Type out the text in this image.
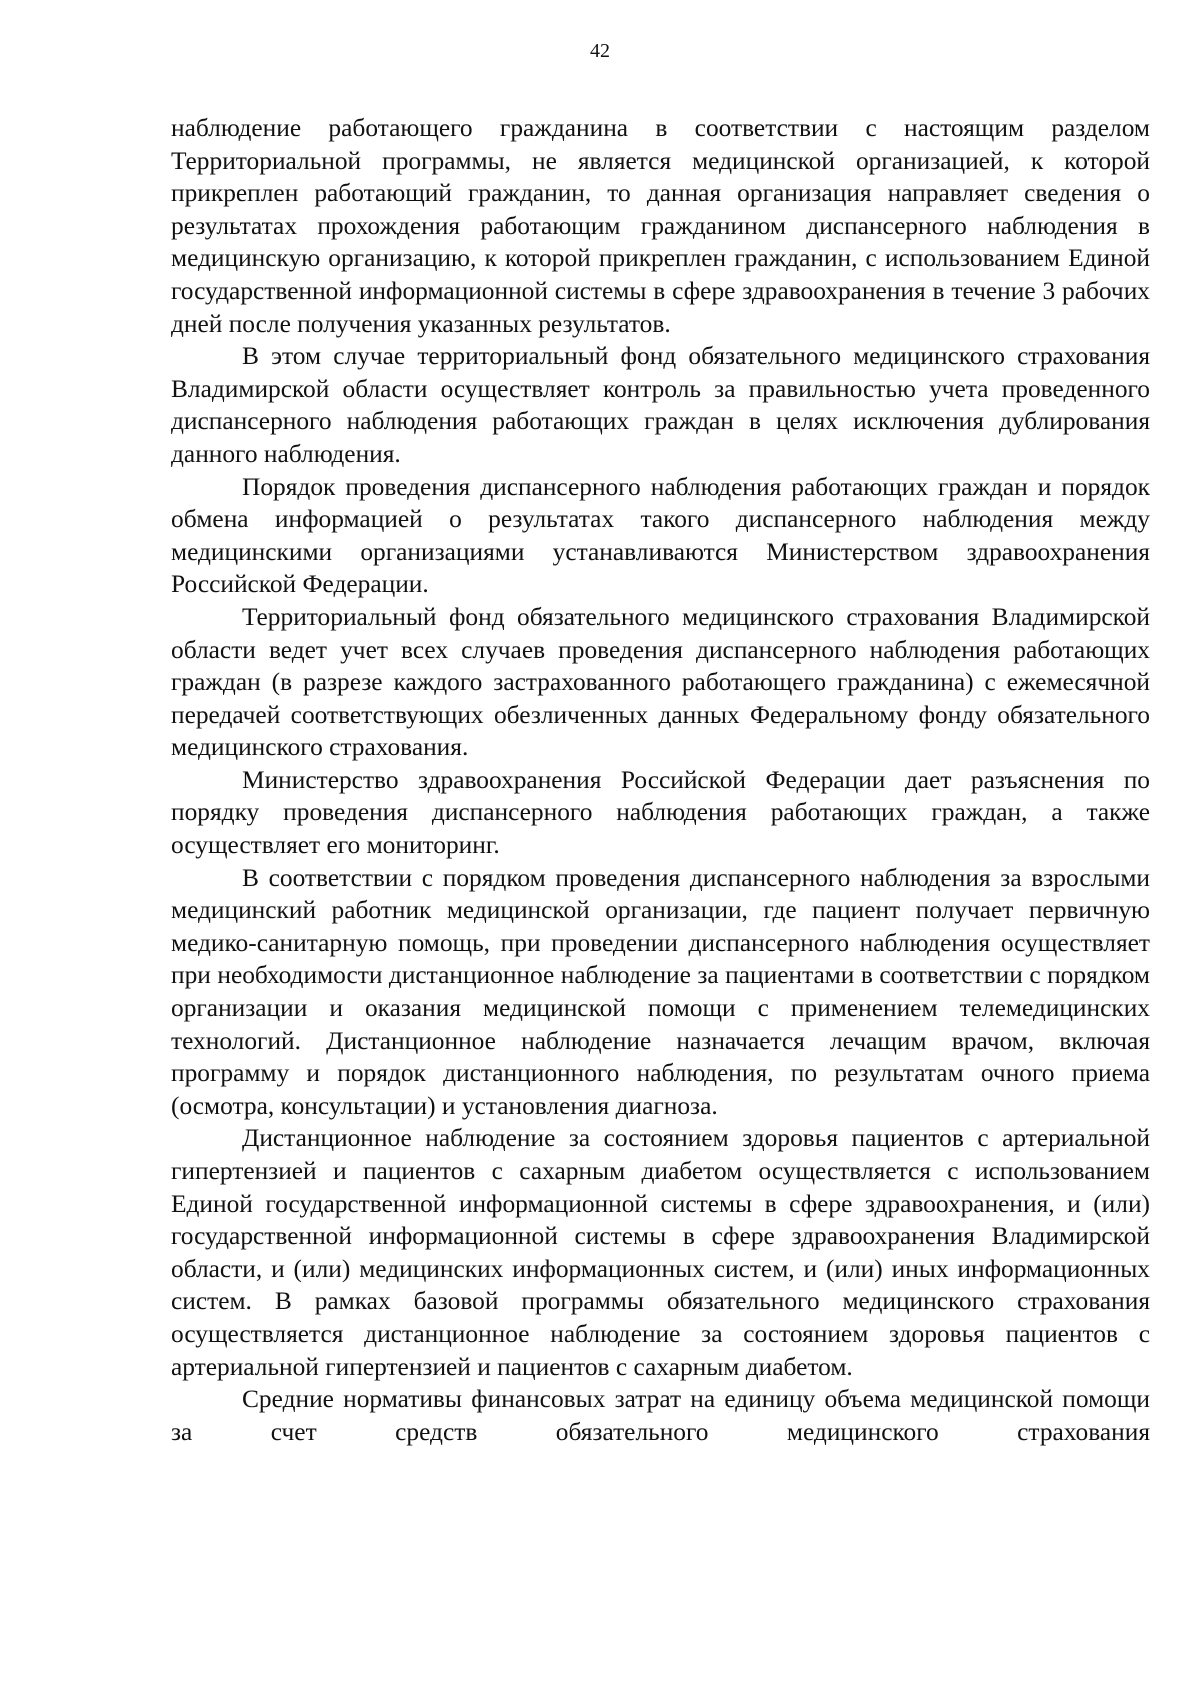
42

наблюдение работающего гражданина в соответствии с настоящим разделом Территориальной программы, не является медицинской организацией, к которой прикреплен работающий гражданин, то данная организация направляет сведения о результатах прохождения работающим гражданином диспансерного наблюдения в медицинскую организацию, к которой прикреплен гражданин, с использованием Единой государственной информационной системы в сфере здравоохранения в течение 3 рабочих дней после получения указанных результатов.

В этом случае территориальный фонд обязательного медицинского страхования Владимирской области осуществляет контроль за правильностью учета проведенного диспансерного наблюдения работающих граждан в целях исключения дублирования данного наблюдения.

Порядок проведения диспансерного наблюдения работающих граждан и порядок обмена информацией о результатах такого диспансерного наблюдения между медицинскими организациями устанавливаются Министерством здравоохранения Российской Федерации.

Территориальный фонд обязательного медицинского страхования Владимирской области ведет учет всех случаев проведения диспансерного наблюдения работающих граждан (в разрезе каждого застрахованного работающего гражданина) с ежемесячной передачей соответствующих обезличенных данных Федеральному фонду обязательного медицинского страхования.

Министерство здравоохранения Российской Федерации дает разъяснения по порядку проведения диспансерного наблюдения работающих граждан, а также осуществляет его мониторинг.

В соответствии с порядком проведения диспансерного наблюдения за взрослыми медицинский работник медицинской организации, где пациент получает первичную медико-санитарную помощь, при проведении диспансерного наблюдения осуществляет при необходимости дистанционное наблюдение за пациентами в соответствии с порядком организации и оказания медицинской помощи с применением телемедицинских технологий. Дистанционное наблюдение назначается лечащим врачом, включая программу и порядок дистанционного наблюдения, по результатам очного приема (осмотра, консультации) и установления диагноза.

Дистанционное наблюдение за состоянием здоровья пациентов с артериальной гипертензией и пациентов с сахарным диабетом осуществляется с использованием Единой государственной информационной системы в сфере здравоохранения, и (или) государственной информационной системы в сфере здравоохранения Владимирской области, и (или) медицинских информационных систем, и (или) иных информационных систем. В рамках базовой программы обязательного медицинского страхования осуществляется дистанционное наблюдение за состоянием здоровья пациентов с артериальной гипертензией и пациентов с сахарным диабетом.

Средние нормативы финансовых затрат на единицу объема медицинской помощи за счет средств обязательного медицинского страхования
